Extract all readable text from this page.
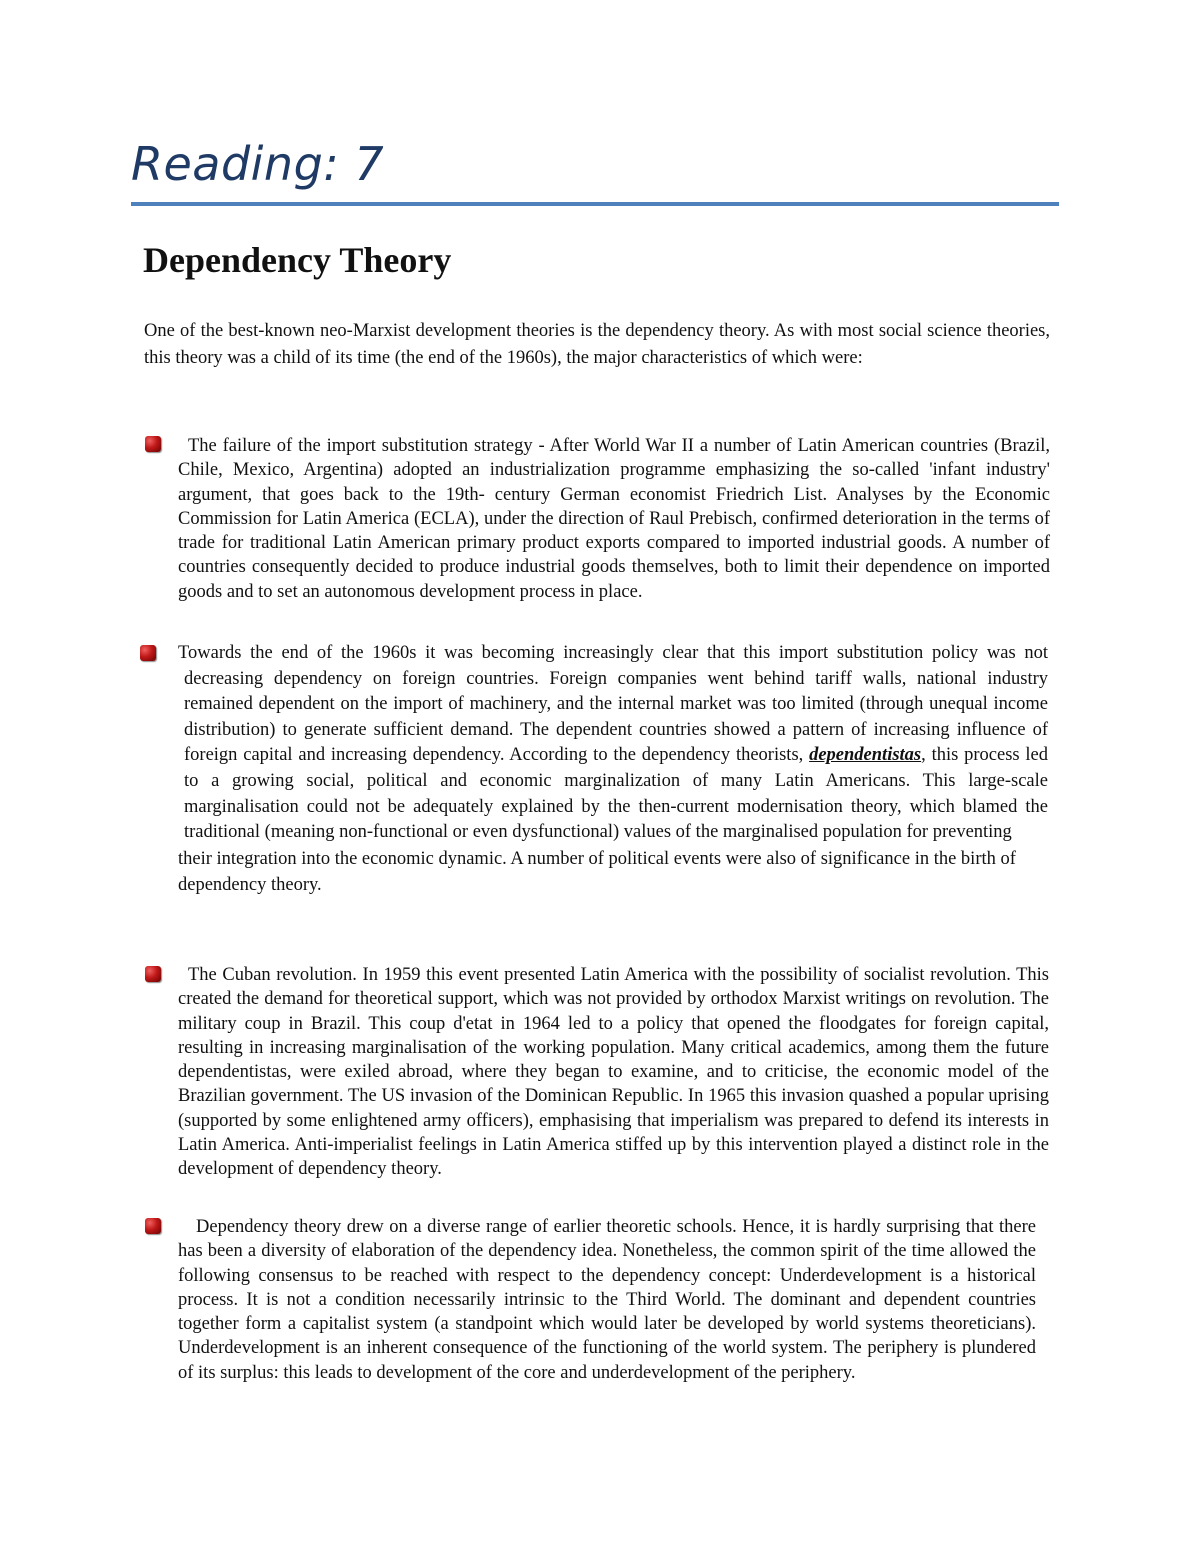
Reading: 7
Dependency Theory

One of the best-known neo-Marxist development theories is the dependency theory. As with most social science theories, this theory was a child of its time (the end of the 1960s), the major characteristics of which were:

The failure of the import substitution strategy - After World War II a number of Latin American countries (Brazil, Chile, Mexico, Argentina) adopted an industrialization programme emphasizing the so-called 'infant industry' argument, that goes back to the 19th- century German economist Friedrich List. Analyses by the Economic Commission for Latin America (ECLA), under the direction of Raul Prebisch, confirmed deterioration in the terms of trade for traditional Latin American primary product exports compared to imported industrial goods. A number of countries consequently decided to produce industrial goods themselves, both to limit their dependence on imported goods and to set an autonomous development process in place.

Towards the end of the 1960s it was becoming increasingly clear that this import substitution policy was not decreasing dependency on foreign countries. Foreign companies went behind tariff walls, national industry remained dependent on the import of machinery, and the internal market was too limited (through unequal income distribution) to generate sufficient demand. The dependent countries showed a pattern of increasing influence of foreign capital and increasing dependency. According to the dependency theorists, dependentistas, this process led to a growing social, political and economic marginalization of many Latin Americans. This large-scale marginalisation could not be adequately explained by the then-current modernisation theory, which blamed the traditional (meaning non-functional or even dysfunctional) values of the marginalised population for preventing

their integration into the economic dynamic. A number of political events were also of significance in the birth of dependency theory.

The Cuban revolution. In 1959 this event presented Latin America with the possibility of socialist revolution. This created the demand for theoretical support, which was not provided by orthodox Marxist writings on revolution. The military coup in Brazil. This coup d'etat in 1964 led to a policy that opened the floodgates for foreign capital, resulting in increasing marginalisation of the working population. Many critical academics, among them the future dependentistas, were exiled abroad, where they began to examine, and to criticise, the economic model of the Brazilian government. The US invasion of the Dominican Republic. In 1965 this invasion quashed a popular uprising (supported by some enlightened army officers), emphasising that imperialism was prepared to defend its interests in Latin America. Anti-imperialist feelings in Latin America stiffed up by this intervention played a distinct role in the development of dependency theory.

Dependency theory drew on a diverse range of earlier theoretic schools. Hence, it is hardly surprising that there has been a diversity of elaboration of the dependency idea. Nonetheless, the common spirit of the time allowed the following consensus to be reached with respect to the dependency concept: Underdevelopment is a historical process. It is not a condition necessarily intrinsic to the Third World. The dominant and dependent countries together form a capitalist system (a standpoint which would later be developed by world systems theoreticians). Underdevelopment is an inherent consequence of the functioning of the world system. The periphery is plundered of its surplus: this leads to development of the core and underdevelopment of the periphery.
